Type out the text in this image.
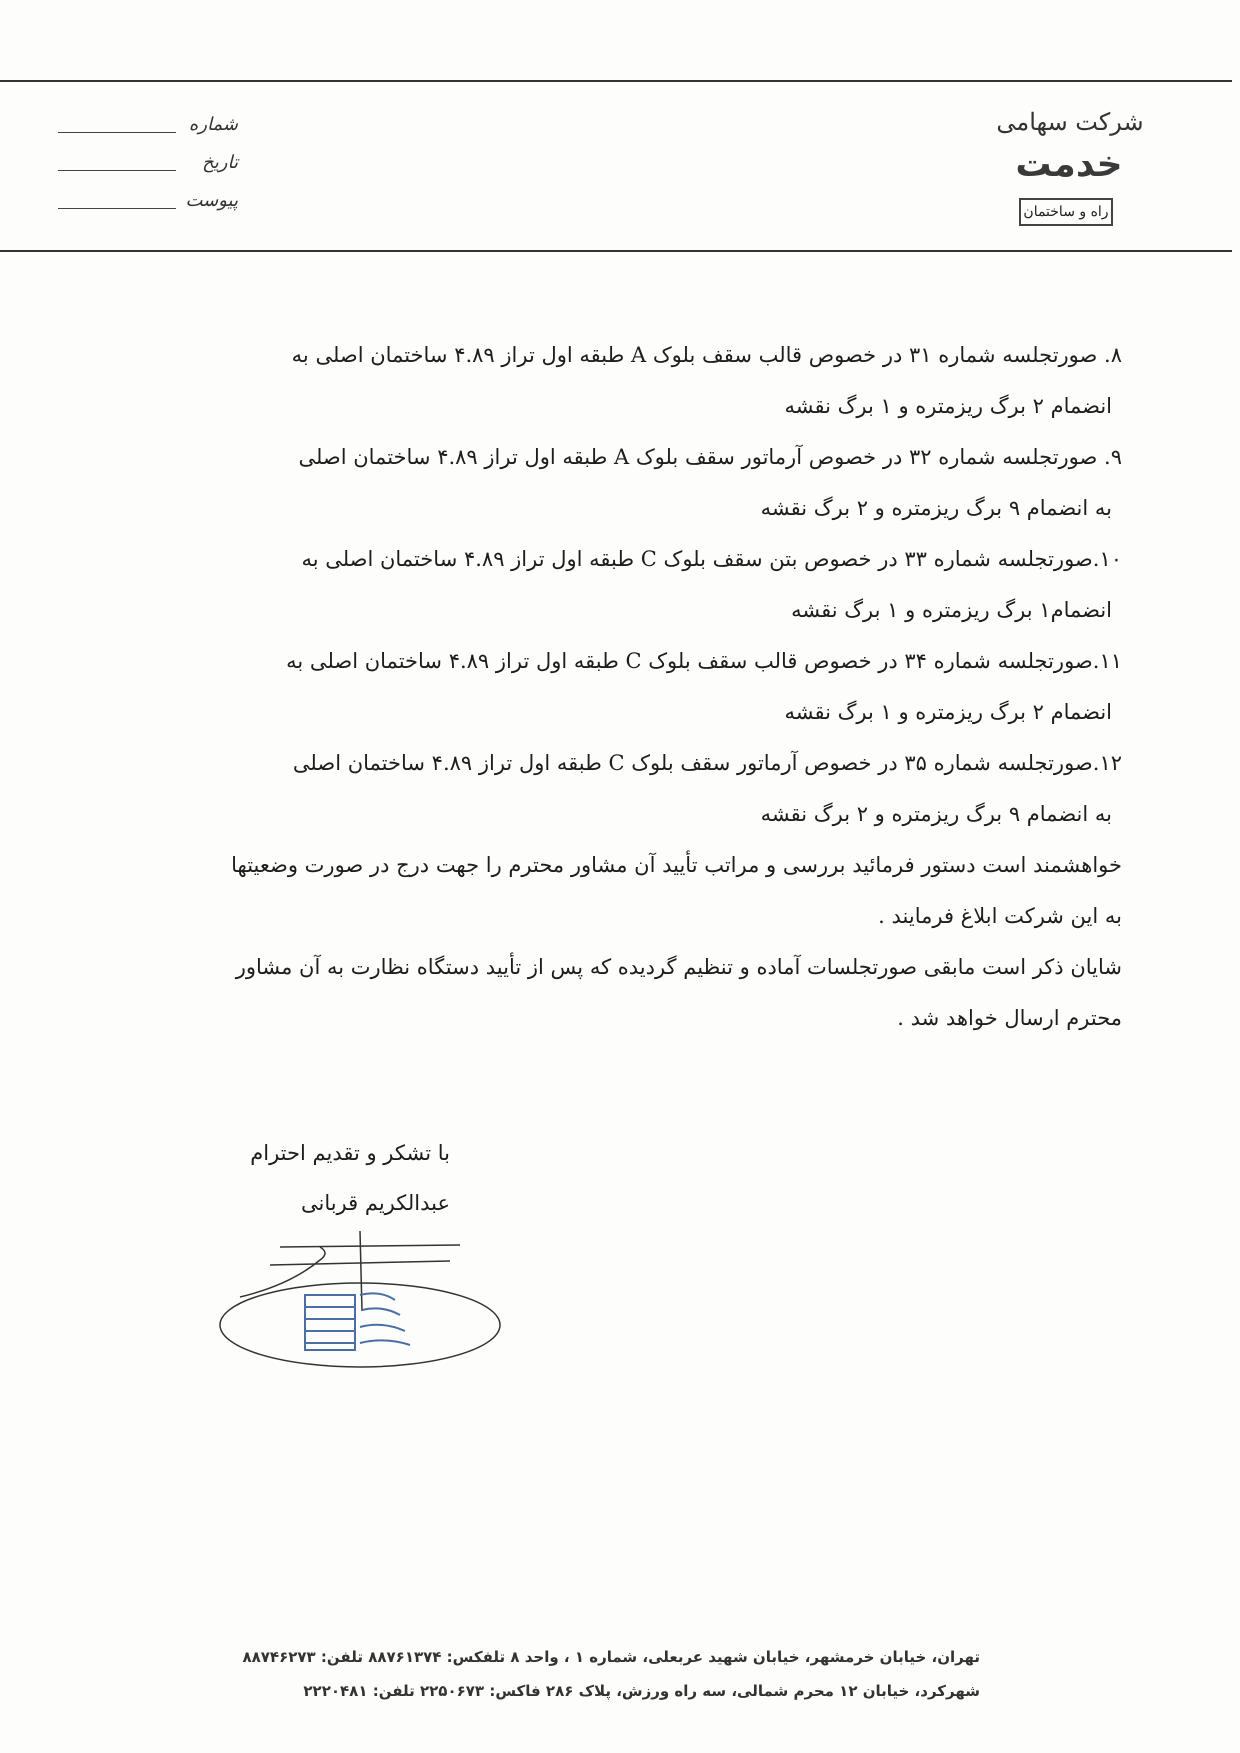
شرکت سهامی
خدمت
راه و ساختمان
شماره
تاریخ
پیوست
۸. صورتجلسه شماره ۳۱ در خصوص قالب سقف بلوک A طبقه اول تراز ۴.۸۹ ساختمان اصلی به
انضمام ۲ برگ ریزمتره و ۱ برگ نقشه
۹. صورتجلسه شماره ۳۲ در خصوص آرماتور سقف بلوک A طبقه اول تراز ۴.۸۹ ساختمان اصلی
به انضمام ۹ برگ ریزمتره و ۲ برگ نقشه
۱۰.صورتجلسه شماره ۳۳ در خصوص بتن سقف بلوک C طبقه اول تراز ۴.۸۹ ساختمان اصلی به
انضمام۱ برگ ریزمتره و ۱ برگ نقشه
۱۱.صورتجلسه شماره ۳۴ در خصوص قالب سقف بلوک C طبقه اول تراز ۴.۸۹ ساختمان اصلی به
انضمام ۲ برگ ریزمتره و ۱ برگ نقشه
۱۲.صورتجلسه شماره ۳۵ در خصوص آرماتور سقف بلوک C طبقه اول تراز ۴.۸۹ ساختمان اصلی
به انضمام ۹ برگ ریزمتره و ۲ برگ نقشه
خواهشمند است دستور فرمائید بررسی و مراتب تأیید آن مشاور محترم را جهت درج در صورت وضعیتها
به این شرکت ابلاغ فرمایند .
شایان ذکر است مابقی صورتجلسات آماده و تنظیم گردیده که پس از تأیید دستگاه نظارت به آن مشاور
محترم ارسال خواهد شد .
با تشکر و تقدیم احترام
عبدالکریم قربانی
تهران، خیابان خرمشهر، خیابان شهید عربعلی، شماره ۱ ، واحد ۸ تلفکس: ۸۸۷۶۱۳۷۴ تلفن: ۸۸۷۴۶۲۷۳
شهرکرد، خیابان ۱۲ محرم شمالی، سه راه ورزش، پلاک ۲۸۶ فاکس: ۲۲۵۰۶۷۳ تلفن: ۲۲۲۰۴۸۱
